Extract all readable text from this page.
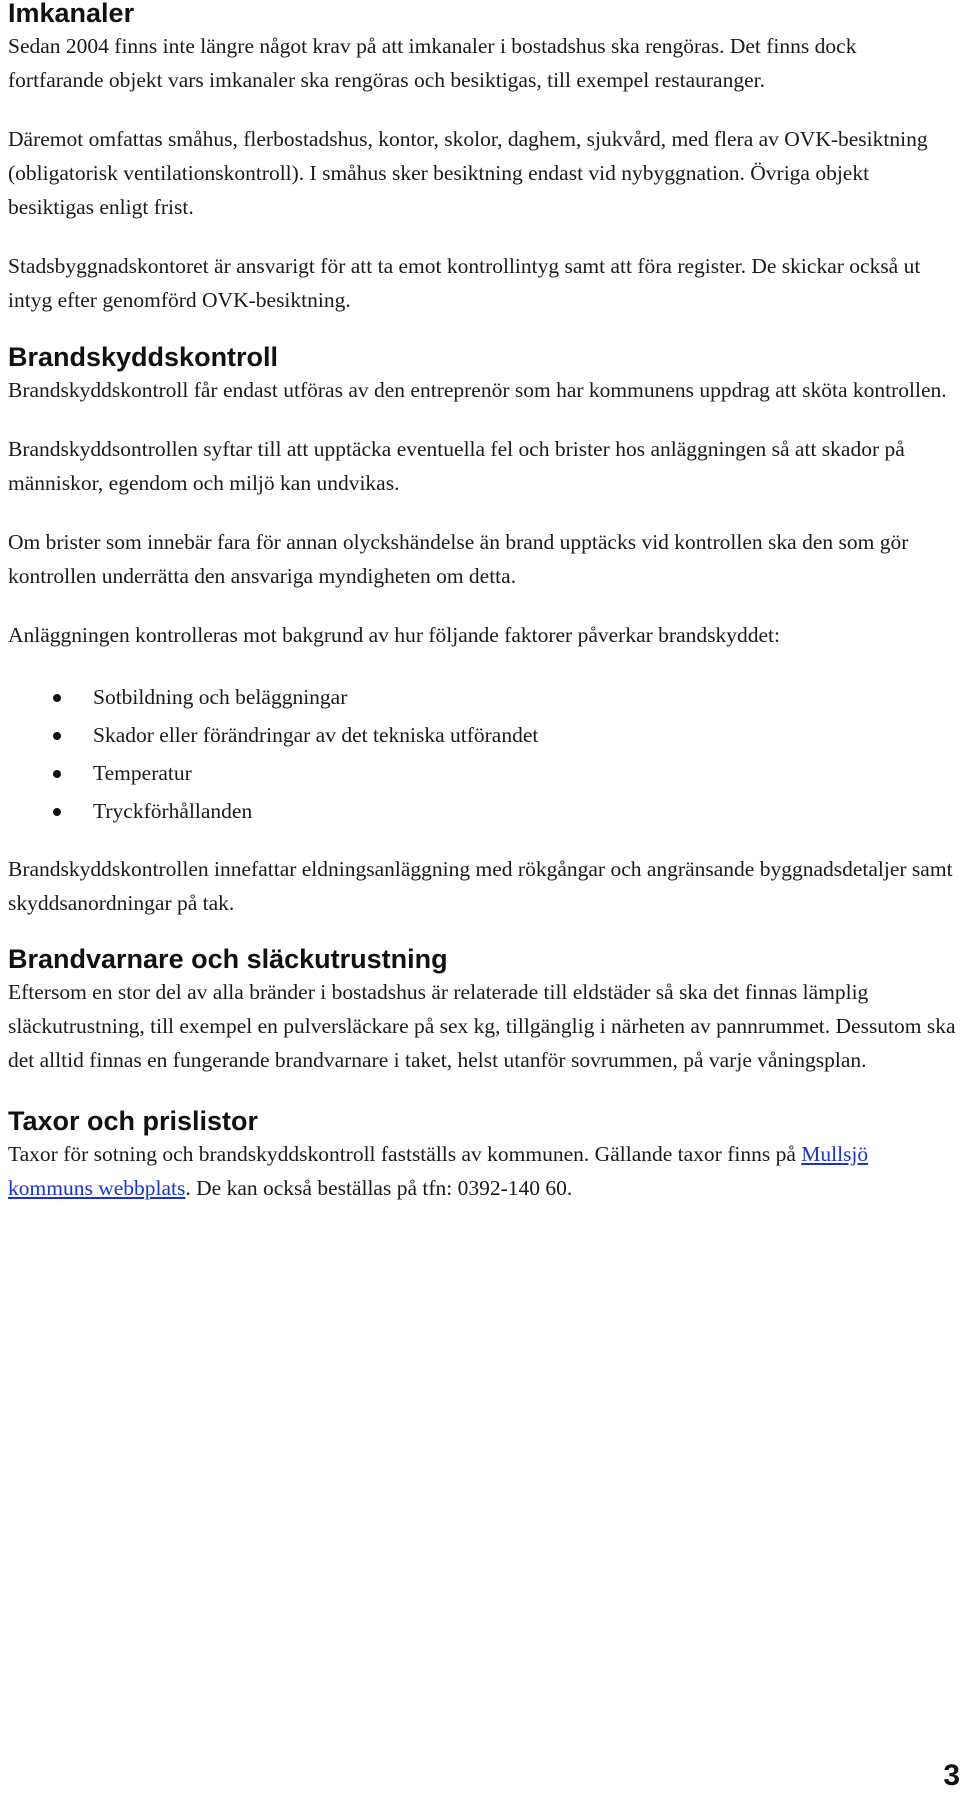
Imkanaler

Sedan 2004 finns inte längre något krav på att imkanaler i bostadshus ska rengöras. Det finns dock fortfarande objekt vars imkanaler ska rengöras och besiktigas, till exempel restauranger.

Däremot omfattas småhus, flerbostadshus, kontor, skolor, daghem, sjukvård, med flera av OVK-besiktning (obligatorisk ventilationskontroll). I småhus sker besiktning endast vid nybyggnation. Övriga objekt besiktigas enligt frist.

Stadsbyggnadskontoret är ansvarigt för att ta emot kontrollintyg samt att föra register. De skickar också ut intyg efter genomförd OVK-besiktning.

Brandskyddskontroll

Brandskyddskontroll får endast utföras av den entreprenör som har kommunens uppdrag att sköta kontrollen.

Brandskyddsontrollen syftar till att upptäcka eventuella fel och brister hos anläggningen så att skador på människor, egendom och miljö kan undvikas.

Om brister som innebär fara för annan olyckshändelse än brand upptäcks vid kontrollen ska den som gör kontrollen underrätta den ansvariga myndigheten om detta.

Anläggningen kontrolleras mot bakgrund av hur följande faktorer påverkar brandskyddet:

Sotbildning och beläggningar
Skador eller förändringar av det tekniska utförandet
Temperatur
Tryckförhållanden

Brandskyddskontrollen innefattar eldningsanläggning med rökgångar och angränsande byggnadsdetaljer samt skyddsanordningar på tak.

Brandvarnare och släckutrustning

Eftersom en stor del av alla bränder i bostadshus är relaterade till eldstäder så ska det finnas lämplig släckutrustning, till exempel en pulversläckare på sex kg, tillgänglig i närheten av pannrummet. Dessutom ska det alltid finnas en fungerande brandvarnare i taket, helst utanför sovrummen, på varje våningsplan.

Taxor och prislistor

Taxor för sotning och brandskyddskontroll fastställs av kommunen. Gällande taxor finns på Mullsjö kommuns webbplats. De kan också beställas på tfn: 0392-140 60.

3
